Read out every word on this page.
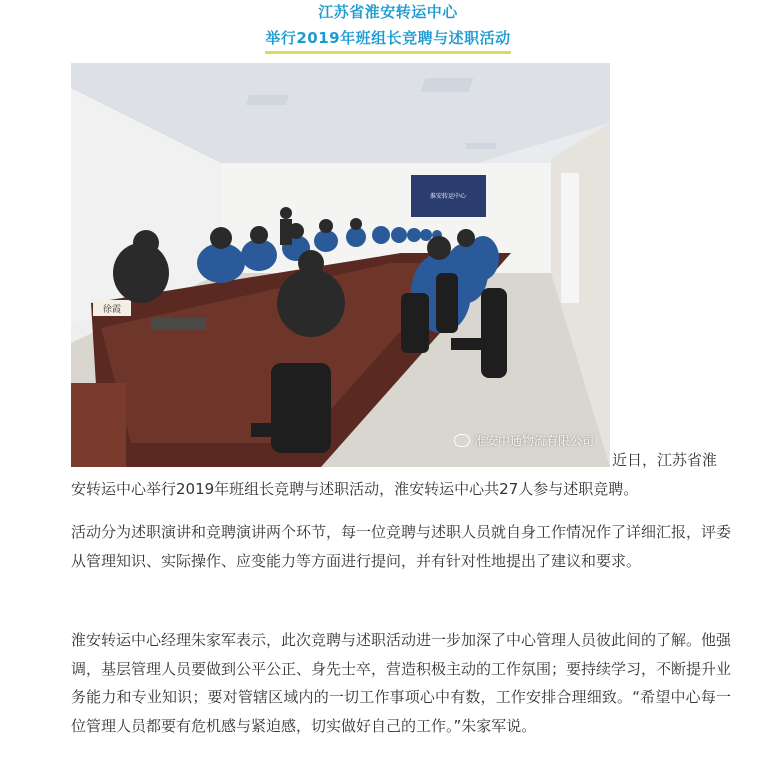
江苏省淮安转运中心
举行2019年班组长竞聘与述职活动
淮安转运中心
徐霞
淮安中通物流有限公司
近日，江苏省淮
安转运中心举行2019年班组长竞聘与述职活动，淮安转运中心共27人参与述职竞聘。
活动分为述职演讲和竞聘演讲两个环节，每一位竞聘与述职人员就自身工作情况作了详细汇报，评委从管理知识、实际操作、应变能力等方面进行提问，并有针对性地提出了建议和要求。
淮安转运中心经理朱家军表示，此次竞聘与述职活动进一步加深了中心管理人员彼此间的了解。他强调，基层管理人员要做到公平公正、身先士卒，营造积极主动的工作氛围；要持续学习，不断提升业务能力和专业知识；要对管辖区域内的一切工作事项心中有数，工作安排合理细致。“希望中心每一位管理人员都要有危机感与紧迫感，切实做好自己的工作。”朱家军说。
